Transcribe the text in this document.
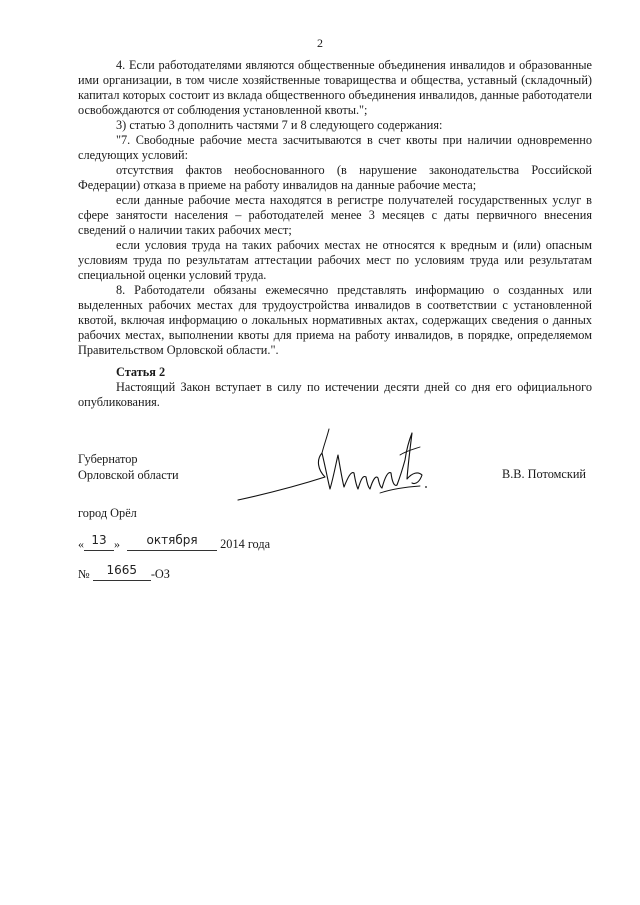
2

4. Если работодателями являются общественные объединения инвалидов и образованные ими организации, в том числе хозяйственные товарищества и общества, уставный (складочный) капитал которых состоит из вклада общественного объединения инвалидов, данные работодатели освобождаются от соблюдения установленной квоты.";

3) статью 3 дополнить частями 7 и 8 следующего содержания:

"7. Свободные рабочие места засчитываются в счет квоты при наличии одновременно следующих условий:

отсутствия фактов необоснованного (в нарушение законодательства Российской Федерации) отказа в приеме на работу инвалидов на данные рабочие места;

если данные рабочие места находятся в регистре получателей государственных услуг в сфере занятости населения – работодателей менее 3 месяцев с даты первичного внесения сведений о наличии таких рабочих мест;

если условия труда на таких рабочих местах не относятся к вредным и (или) опасным условиям труда по результатам аттестации рабочих мест по условиям труда или результатам специальной оценки условий труда.

8. Работодатели обязаны ежемесячно представлять информацию о созданных или выделенных рабочих местах для трудоустройства инвалидов в соответствии с установленной квотой, включая информацию о локальных нормативных актах, содержащих сведения о данных рабочих местах, выполнении квоты для приема на работу инвалидов, в порядке, определяемом Правительством Орловской области.".

Статья 2
Настоящий Закон вступает в силу по истечении десяти дней со дня его официального опубликования.
Губернатор
Орловской области	В.В. Потомский
город Орёл
« 13 » октября 2014 года
№ 1665 -ОЗ
